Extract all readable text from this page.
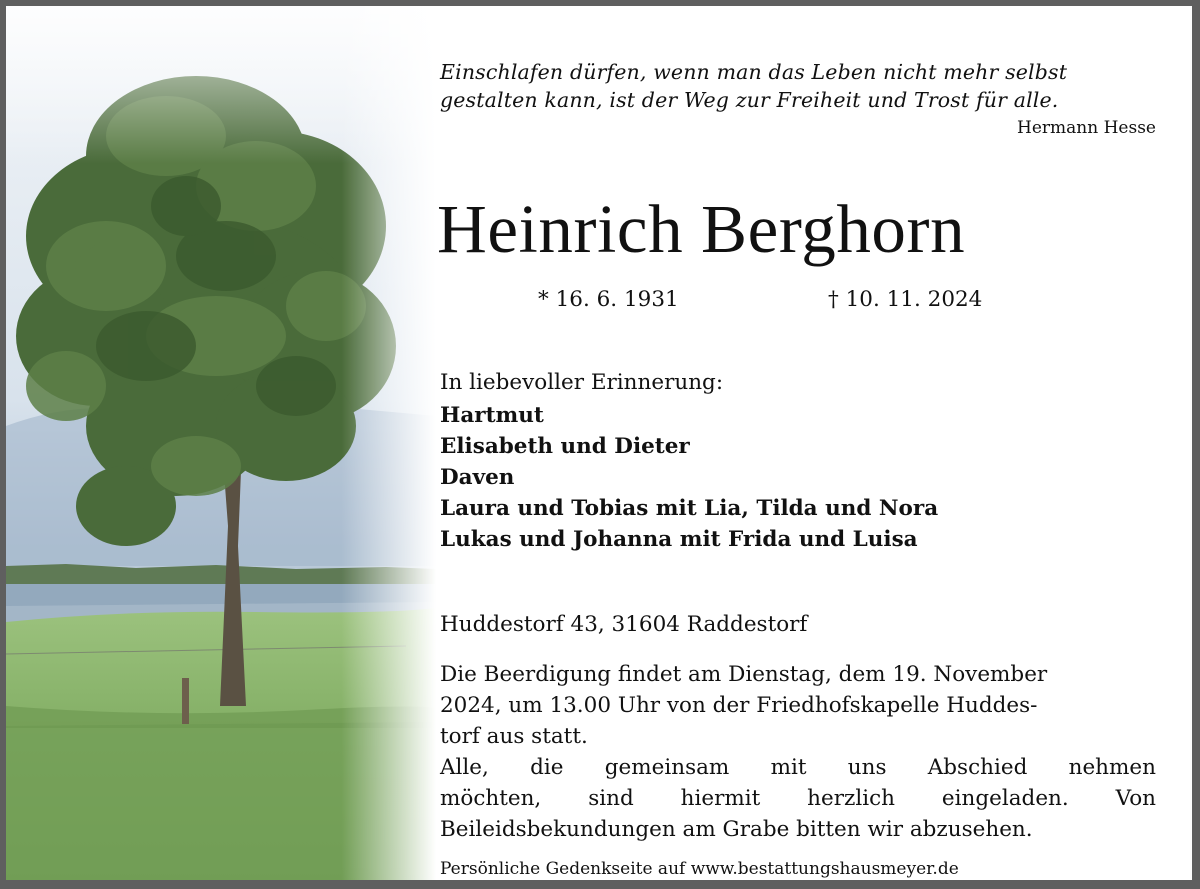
Einschlafen dürfen, wenn man das Leben nicht mehr selbst
gestalten kann, ist der Weg zur Freiheit und Trost für alle.
Hermann Hesse
Heinrich Berghorn
* 16. 6. 1931	† 10. 11. 2024
In liebevoller Erinnerung:
Hartmut
Elisabeth und Dieter
Daven
Laura und Tobias mit Lia, Tilda und Nora
Lukas und Johanna mit Frida und Luisa
Huddestorf 43, 31604 Raddestorf
Die Beerdigung findet am Dienstag, dem 19. November
2024, um 13.00 Uhr von der Friedhofskapelle Huddes-
torf aus statt.
Alle, die gemeinsam mit uns Abschied nehmen
möchten, sind hiermit herzlich eingeladen. Von
Beileidsbekundungen am Grabe bitten wir abzusehen.
Persönliche Gedenkseite auf www.bestattungshausmeyer.de
